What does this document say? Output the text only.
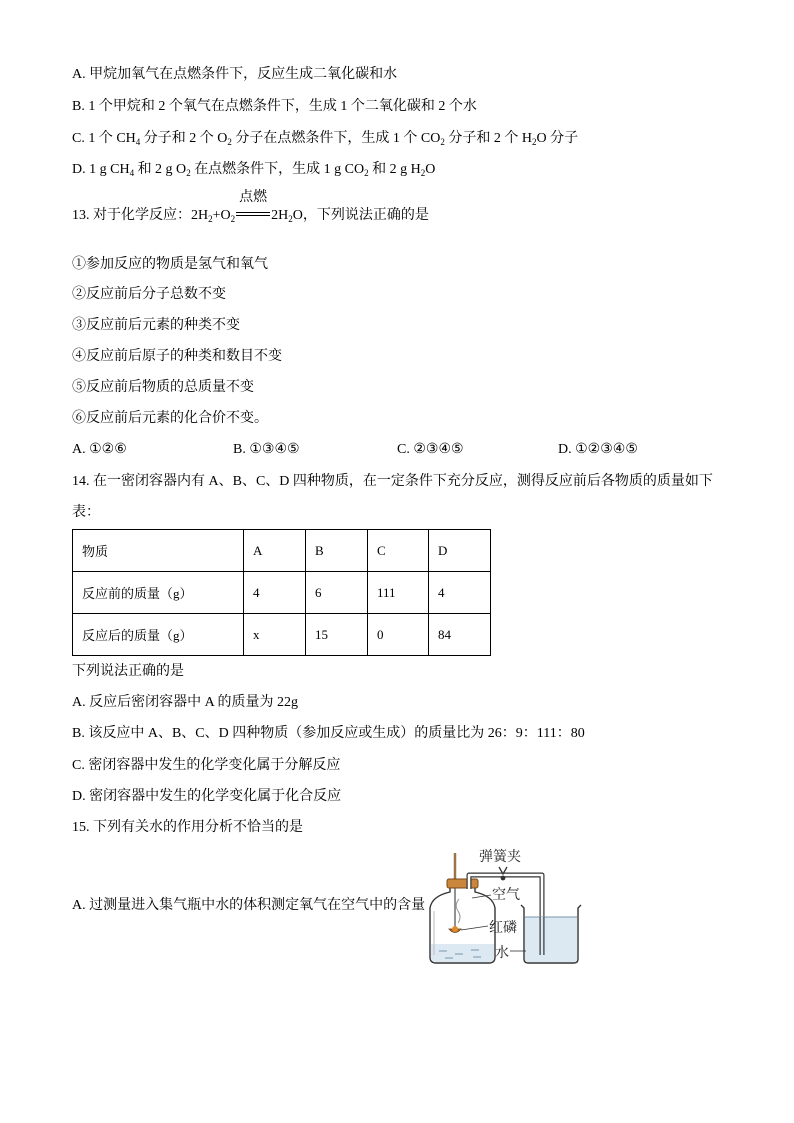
A. 甲烷加氧气在点燃条件下，反应生成二氧化碳和水
B. 1 个甲烷和 2 个氧气在点燃条件下，生成 1 个二氧化碳和 2 个水
C. 1 个 $CH_4$ 分子和 2 个 $O_2$ 分子在点燃条件下，生成 1 个 $CO_2$ 分子和 2 个 $H_2O$ 分子
D. 1 g $CH_4$ 和 2 g $O_2$ 在点燃条件下，生成 1 g $CO_2$ 和 2 g $H_2O$
13. 对于化学反应：$2H_2+O_2$
点燃
$2H_2O$，下列说法正确的是
①参加反应的物质是氢气和氧气
②反应前后分子总数不变
③反应前后元素的种类不变
④反应前后原子的种类和数目不变
⑤反应前后物质的总质量不变
⑥反应前后元素的化合价不变。
A. ①②⑥	B. ①③④⑤	C. ②③④⑤	D. ①②③④⑤
14. 在一密闭容器内有 A、B、C、D 四种物质，在一定条件下充分反应，测得反应前后各物质的质量如下
表：
物质	A	B	C	D
反应前的质量（g）	4	6	111	4
反应后的质量（g）	x	15	0	84
下列说法正确的是
A. 反应后密闭容器中 A 的质量为 22g
B. 该反应中 A、B、C、D 四种物质（参加反应或生成）的质量比为 26：9：111：80
C. 密闭容器中发生的化学变化属于分解反应
D. 密闭容器中发生的化学变化属于化合反应
15. 下列有关水的作用分析不恰当的是
A. 过测量进入集气瓶中水的体积测定氧气在空气中的含量
弹簧夹
空气
红磷
水
